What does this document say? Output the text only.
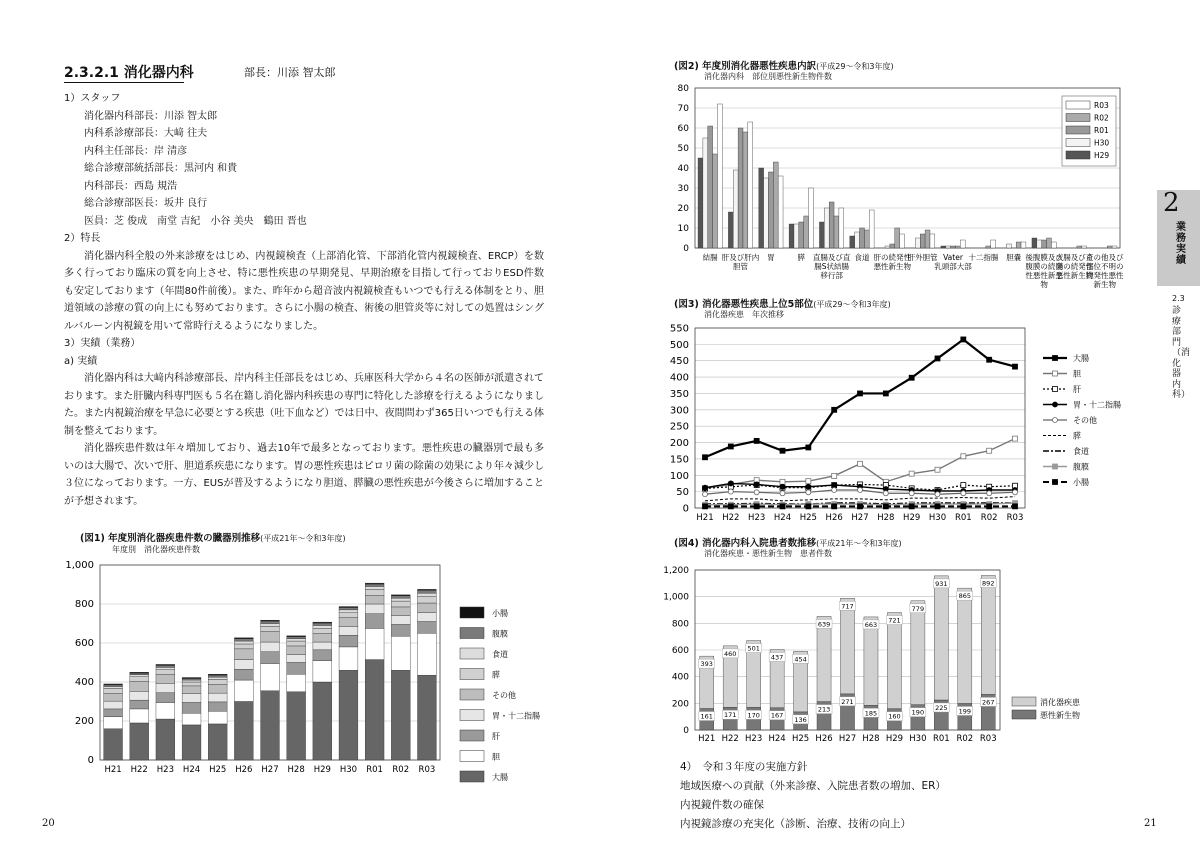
2.3.2.1 消化器内科	部長：川添 智太郎
1）スタッフ
消化器内科部長：川添 智太郎
内科系診療部長：大﨑 往夫
内科主任部長：岸 清彦
総合診療部統括部長：黒河内 和貴
内科部長：西島 規浩
総合診療部医長：坂井 良行
医員：芝 俊成　南堂 吉紀　小谷 美央　鶴田 晋也
2）特長
消化器内科全般の外来診療をはじめ、内視鏡検査（上部消化管、下部消化管内視鏡検査、ERCP）を数多く行っており臨床の質を向上させ、特に悪性疾患の早期発見、早期治療を目指して行っておりESD件数も安定しております（年間80件前後）。また、昨年から超音波内視鏡検査もいつでも行える体制をとり、胆道領域の診療の質の向上にも努めております。さらに小腸の検査、術後の胆管炎等に対しての処置はシングルバルーン内視鏡を用いて常時行えるようになりました。
3）実績（業務）
a) 実績
消化器内科は大﨑内科診療部長、岸内科主任部長をはじめ、兵庫医科大学から４名の医師が派遣されております。また肝臓内科専門医も５名在籍し消化器内科疾患の専門に特化した診療を行えるようになりました。また内視鏡治療を早急に必要とする疾患（吐下血など）では日中、夜間問わず365日いつでも行える体制を整えております。
消化器疾患件数は年々増加しており、過去10年で最多となっております。悪性疾患の臓器別で最も多いのは大腸で、次いで肝、胆道系疾患になります。胃の悪性疾患はピロリ菌の除菌の効果により年々減少し３位になっております。一方、EUSが普及するようになり胆道、膵臓の悪性疾患が今後さらに増加することが予想されます。
(図1) 年度別消化器疾患件数の臓器別推移(平成21年〜令和3年度)
年度別　消化器疾患件数
0
200
400
600
800
1,000
H21 H22 H23 H24 H25 H26 H27 H28 H29 H30 R01 R02 R03
小腸
腹膜
食道
膵
その他
胃・十二指腸
肝
胆
大腸
20
(図2) 年度別消化器悪性疾患内訳(平成29〜令和3年度)
消化器内科　部位別悪性新生物件数
0
10
20
30
40
50
60
70
80
結腸 肝及び肝内
胆管
胃	膵 直腸及び直
腸S状結腸
移行部
食道 肝の続発性
悪性新生物
肝外胆管 Vater
乳頭部大部
十二指腸 胆嚢 後腹膜及び
腹膜の続発
性悪性新生
物
大腸及び直
腸の続発性
悪性新生物
その他及び
部位不明の
続発性悪性
新生物
R03
R02
R01
H30
H29
(図3) 消化器悪性疾患上位5部位(平成29〜令和3年度)
消化器疾患　年次推移
0
50
100
150
200
250
300
350
400
450
500
550
H21 H22 H23 H24 H25 H26 H27 H28 H29 H30 R01 R02 R03
大腸
胆
肝
胃・十二指腸
その他
膵
食道
腹膜
小腸
(図4) 消化器内科入院患者数推移(平成21年〜令和3年度)
消化器疾患・悪性新生物　患者件数
0
200
400
600
800
1,000
1,200
161
393
H21
171
460
H22
170
501
H23
167
437
H24
136
454
H25
213
639
H26
271
717
H27
185
663
H28
160
721
H29
190
779
H30
225
931
R01
199
865
R02
267
892
R03
消化器疾患
悪性新生物
4）　令和３年度の実施方針
地域医療への貢献（外来診療、入院患者数の増加、ER）
内視鏡件数の確保
内視鏡診療の充実化（診断、治療、技術の向上）	21
2
業務実績
2.3
診療部門（消化器内科）
